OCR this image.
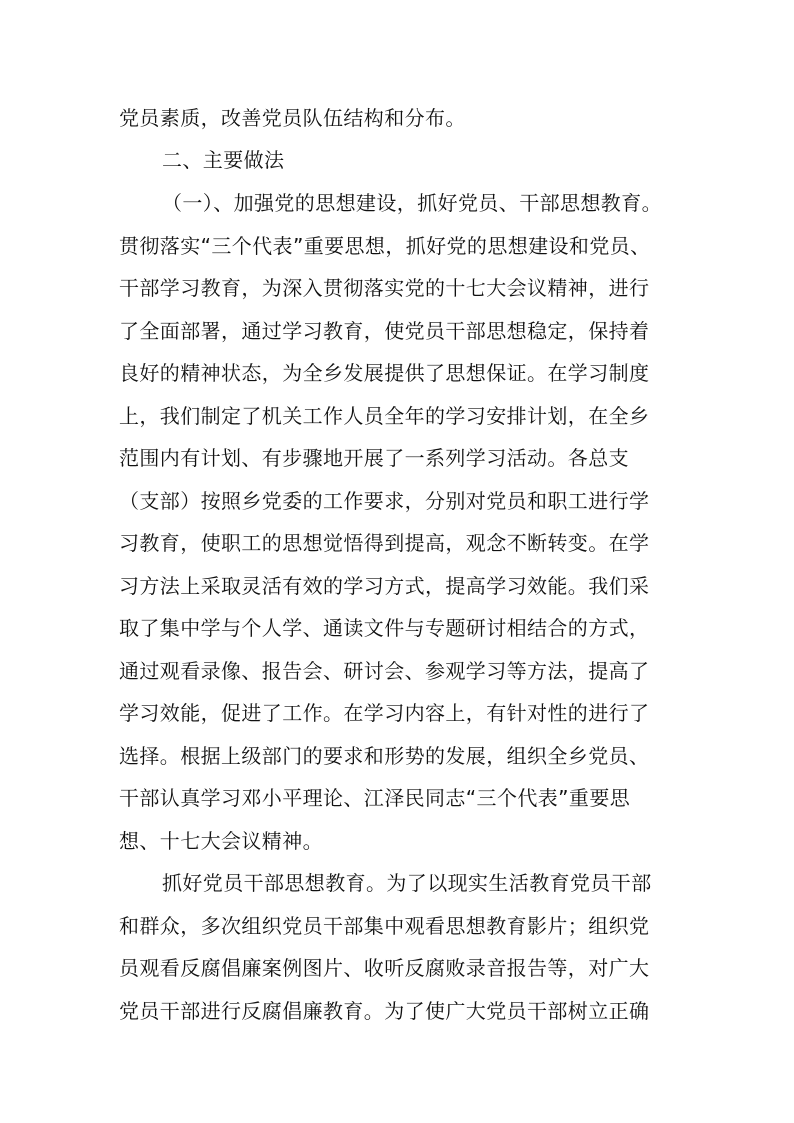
党员素质，改善党员队伍结构和分布。
二、主要做法
（一）、加强党的思想建设，抓好党员、干部思想教育。
贯彻落实“三个代表”重要思想，抓好党的思想建设和党员、
干部学习教育，为深入贯彻落实党的十七大会议精神，进行
了全面部署，通过学习教育，使党员干部思想稳定，保持着
良好的精神状态，为全乡发展提供了思想保证。在学习制度
上，我们制定了机关工作人员全年的学习安排计划，在全乡
范围内有计划、有步骤地开展了一系列学习活动。各总支
（支部）按照乡党委的工作要求，分别对党员和职工进行学
习教育，使职工的思想觉悟得到提高，观念不断转变。在学
习方法上采取灵活有效的学习方式，提高学习效能。我们采
取了集中学与个人学、通读文件与专题研讨相结合的方式，
通过观看录像、报告会、研讨会、参观学习等方法，提高了
学习效能，促进了工作。在学习内容上，有针对性的进行了
选择。根据上级部门的要求和形势的发展，组织全乡党员、
干部认真学习邓小平理论、江泽民同志“三个代表”重要思
想、十七大会议精神。
抓好党员干部思想教育。为了以现实生活教育党员干部
和群众，多次组织党员干部集中观看思想教育影片；组织党
员观看反腐倡廉案例图片、收听反腐败录音报告等，对广大
党员干部进行反腐倡廉教育。为了使广大党员干部树立正确
